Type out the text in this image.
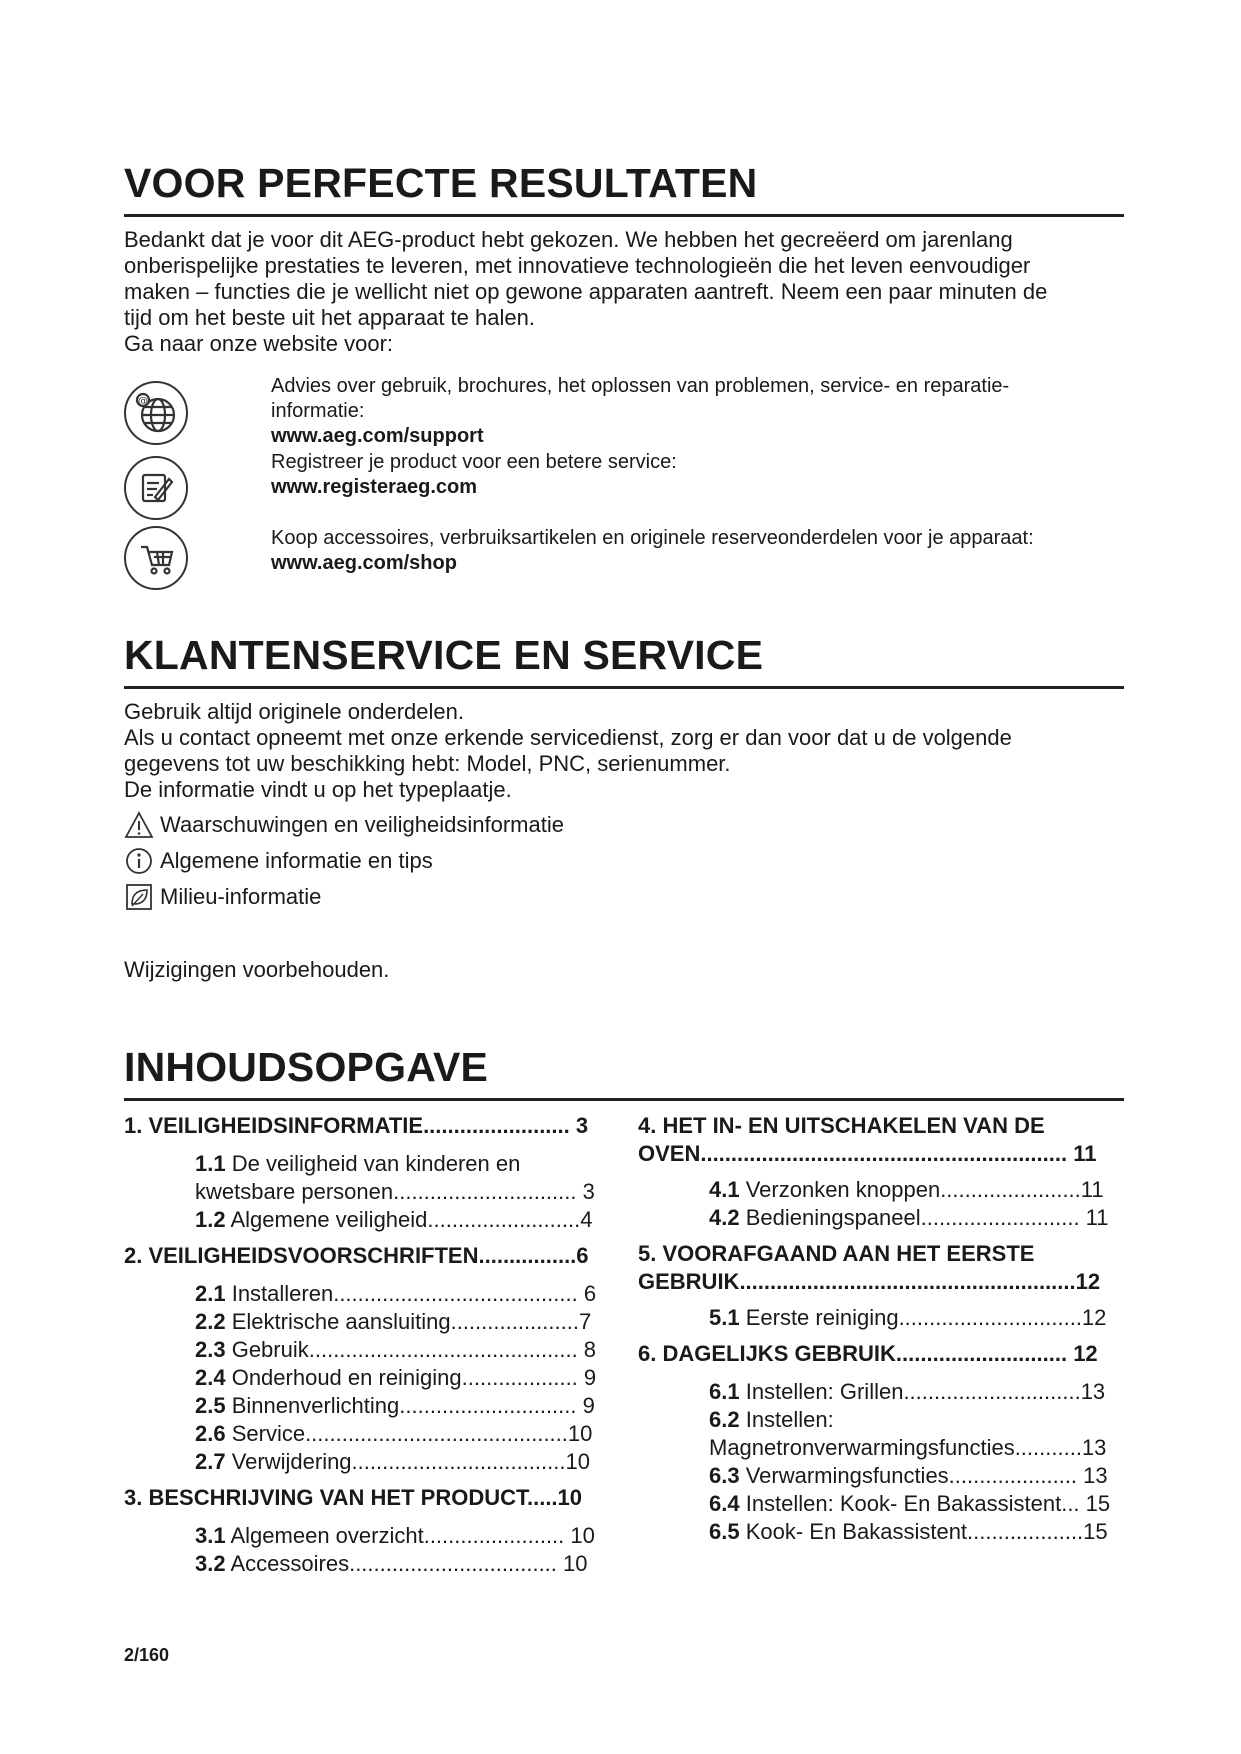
VOOR PERFECTE RESULTATEN
Bedankt dat je voor dit AEG-product hebt gekozen. We hebben het gecreëerd om jarenlang
onberispelijke prestaties te leveren, met innovatieve technologieën die het leven eenvoudiger
maken – functies die je wellicht niet op gewone apparaten aantreft. Neem een paar minuten de
tijd om het beste uit het apparaat te halen.
Ga naar onze website voor:
@
Advies over gebruik, brochures, het oplossen van problemen, service- en reparatie-
informatie:
www.aeg.com/support
Registreer je product voor een betere service:
www.registeraeg.com
Koop accessoires, verbruiksartikelen en originele reserveonderdelen voor je apparaat:
www.aeg.com/shop
KLANTENSERVICE EN SERVICE
Gebruik altijd originele onderdelen.
Als u contact opneemt met onze erkende servicedienst, zorg er dan voor dat u de volgende
gegevens tot uw beschikking hebt: Model, PNC, serienummer.
De informatie vindt u op het typeplaatje.
Waarschuwingen en veiligheidsinformatie
Algemene informatie en tips
Milieu-informatie
Wijzigingen voorbehouden.
INHOUDSOPGAVE
1. VEILIGHEIDSINFORMATIE........................ 3
1.1 De veiligheid van kinderen en
kwetsbare personen.............................. 3
1.2 Algemene veiligheid.........................4
2. VEILIGHEIDSVOORSCHRIFTEN................6
2.1 Installeren........................................ 6
2.2 Elektrische aansluiting.....................7
2.3 Gebruik............................................ 8
2.4 Onderhoud en reiniging................... 9
2.5 Binnenverlichting............................. 9
2.6 Service...........................................10
2.7 Verwijdering...................................10
3. BESCHRIJVING VAN HET PRODUCT.....10
3.1 Algemeen overzicht....................... 10
3.2 Accessoires.................................. 10
4. HET IN- EN UITSCHAKELEN VAN DE
OVEN............................................................ 11
4.1 Verzonken knoppen.......................11
4.2 Bedieningspaneel.......................... 11
5. VOORAFGAAND AAN HET EERSTE
GEBRUIK.......................................................12
5.1 Eerste reiniging..............................12
6. DAGELIJKS GEBRUIK............................ 12
6.1 Instellen: Grillen.............................13
6.2 Instellen:
Magnetronverwarmingsfuncties...........13
6.3 Verwarmingsfuncties..................... 13
6.4 Instellen: Kook- En Bakassistent... 15
6.5 Kook- En Bakassistent...................15
2/160
